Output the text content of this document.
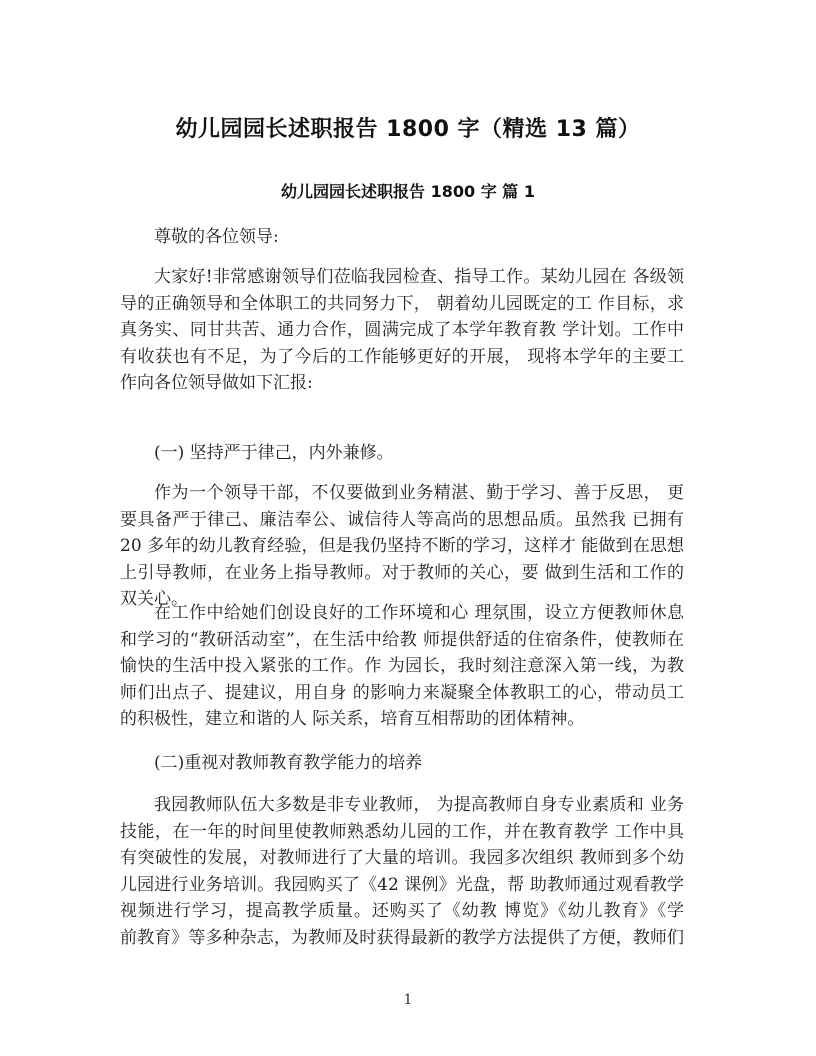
幼儿园园长述职报告 1800 字（精选 13 篇）
幼儿园园长述职报告 1800 字 篇 1
尊敬的各位领导:
大家好!非常感谢领导们莅临我园检查、指导工作。某幼儿园在 各级领
导的正确领导和全体职工的共同努力下， 朝着幼儿园既定的工 作目标，求
真务实、同甘共苦、通力合作，圆满完成了本学年教育教 学计划。工作中
有收获也有不足，为了今后的工作能够更好的开展， 现将本学年的主要工
作向各位领导做如下汇报:
(一) 坚持严于律己，内外兼修。
作为一个领导干部，不仅要做到业务精湛、勤于学习、善于反思， 更
要具备严于律己、廉洁奉公、诚信待人等高尚的思想品质。虽然我 已拥有
20 多年的幼儿教育经验，但是我仍坚持不断的学习，这样才 能做到在思想
上引导教师，在业务上指导教师。对于教师的关心，要 做到生活和工作的
双关心。
在工作中给她们创设良好的工作环境和心 理氛围，设立方便教师休息
和学习的“教研活动室”，在生活中给教 师提供舒适的住宿条件，使教师在
愉快的生活中投入紧张的工作。作 为园长，我时刻注意深入第一线，为教
师们出点子、提建议，用自身 的影响力来凝聚全体教职工的心，带动员工
的积极性，建立和谐的人 际关系，培育互相帮助的团体精神。
(二)重视对教师教育教学能力的培养
我园教师队伍大多数是非专业教师， 为提高教师自身专业素质和 业务
技能，在一年的时间里使教师熟悉幼儿园的工作，并在教育教学 工作中具
有突破性的发展，对教师进行了大量的培训。我园多次组织 教师到多个幼
儿园进行业务培训。我园购买了《42 课例》光盘，帮 助教师通过观看教学
视频进行学习，提高教学质量。还购买了《幼教 博览》《幼儿教育》《学
前教育》等多种杂志，为教师及时获得最新的教学方法提供了方便，教师们
1
